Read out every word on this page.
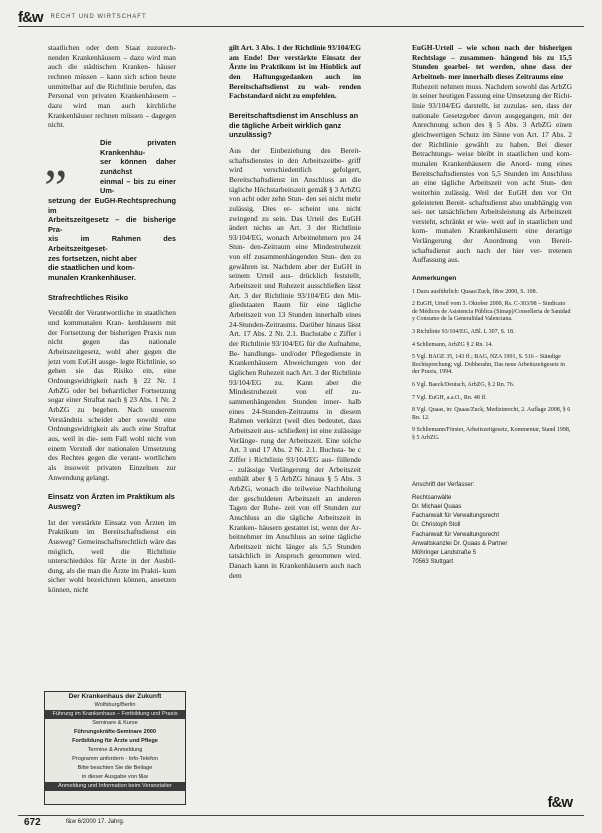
f&w RECHT UND WIRTSCHAFT

staatlichen oder dem Staat zuzurech- nenden Krankenhäusern – dazu wird man auch die städtischen Kranken- häuser rechnen müssen – kann sich schon heute unmittelbar auf die Richtlinie berufen, das Personal von privaten Krankenhäusern – dazu wird man auch kirchliche Krankenhäuser rechnen müssen – dagegen nicht.

„	Die privaten Krankenhäu-
ser können daher zunächst
einmal – bis zu einer Um-
setzung der EuGH-Rechtsprechung im
Arbeitszeitgesetz – die bisherige Pra-
xis im Rahmen des Arbeitszeitgeset-
zes fortsetzen, nicht aber
die staatlichen und kom-
munalen Krankenhäuser.
Strafrechtliches Risiko

Verstößt der Verantwortliche in staatlichen und kommunalen Kran- kenhäusern mit der Fortsetzung der bisherigen Praxis nun nicht gegen	das nationale Arbeitszeitgesetz, wohl aber gegen die jetzt vom EuGH ausge- legte Richtlinie, so gehen sie das Risiko ein, eine Ordnungswidrigkeit nach § 22 Nr. 1 ArbZG oder bei beharrlicher Fortsetzung sogar einer Straftat nach § 23 Abs. 1 Nr. 2 ArbZG zu begehen. Nach unserem Verständnis scheidet aber sowohl eine Ordnungswidrigkeit als auch eine Straftat aus, weil in die- sem Fall wohl nicht von einem Verstoß der nationalen Umsetzung des Rechtes gegen die verant- wortlichen als insoweit privaten Einzelnen zur Anwendung gelangt.

Einsatz von Ärzten im Praktikum als Ausweg?

Ist der verstärkte Einsatz von Ärzten im Praktikum im Bereitschaftsdienst ein Ausweg? Gemeinschaftsrechtlich wäre das möglich, weil die Richtlinie unterschiedslos für Ärzte in der Ausbil- dung, als die man die Ärzte im Prakti- kum sicher wohl bezeichnen können, ansetzen können, nicht

Der Krankenhaus der Zukunft
Wolfsburg/Berlin
Führung im Krankenhaus – Fortbildung und Praxis
Seminare & Kurse
Führungskräfte-Seminare 2000
Fortbildung für Ärzte und Pflege
Termine & Anmeldung
Programm anfordern · Info-Telefon
Bitte beachten Sie die Beilage
in dieser Ausgabe von f&w
Anmeldung und Information beim Veranstalter

gilt Art. 3 Abs. 1 der Richtlinie 93/104/EG am Ende! Der verstärkte Einsatz der Ärzte im Praktikum ist im Hinblick auf den Haftungsgedanken auch im Bereitschaftsdienst zu wah- renden Fachstandard nicht zu empfehlen.

Bereitschaftsdienst im Anschluss an die tägliche Arbeit wirklich ganz unzulässig?

Aus der Einbeziehung des Bereit- schaftsdienstes in den Arbeitszeitbe- griff wird verschiedentlich gefolgert, Bereitschaftsdienst im Anschluss an die tägliche Höchstarbeitszeit gemäß § 3 ArbZG von acht oder zehn Stun- den sei nicht mehr zulässig. Dies er- scheint uns nicht zwingend zu sein. Das Urteil des EuGH ändert nichts an Art. 3 der Richtlinie 93/104/EG, wonach Arbeitnehmern pro 24 Stun- den-Zeitraum eine Mindestruhezeit von elf zusammenhängenden Stun- den zu gewähren ist. Nachdem aber der EuGH in seinem Urteil aus- drücklich feststellt, Arbeitszeit und Ruhezeit ausschließen lässt Art. 3 der Richtlinie 93/104/EG den Mit- gliedstaaten Raum für eine tägliche Arbeitszeit von 13 Stunden innerhalb eines 24-Stunden-Zeitraums. Darüber hinaus lässt Art. 17 Abs. 2 Nr. 2.1. Buchstabe c Ziffer i der Richtlinie 93/104/EG für die Aufnahme, Be- handlungs- und/oder Pflegedienste in Krankenhäusern Abweichungen von der täglichen Ruhezeit nach Art. 3 der Richtlinie 93/104/EG zu. Kann aber die Mindestruhezeit von elf zu- sammenhängenden Stunden inner- halb eines 24-Stunden-Zeitraums in diesem Rahmen verkürzt (weil dies bedeutet, dass Arbeitszeit aus- schließen) ist eine zulässige Verlänge- rung der Arbeitszeit. Eine solche Art. 3 und 17 Abs. 2 Nr. 2.1. Buchsta- be c Ziffer i Richtlinie 93/104/EG aus- füllende – zulässige Verlängerung der Arbeitszeit enthält aber § 5 ArbZG hinaus § 5 Abs. 3 ArbZG, wonach die teilweise Nachholung der geschuldeten Arbeitszeit an anderen Tagen der Ruhe- zeit von elf Stunden zur Anschluss an die tägliche Arbeitszeit in Kranken- häusern gestattet ist, wenn der Ar- beitnehmer im Anschluss an seine tägliche Arbeitszeit nicht länger als 5,5 Stunden tatsächlich in Anspruch genommen wird. Danach kann in Krankenhäusern auch nach dem

EuGH-Urteil – wie schon nach der bisherigen Rechtslage – zusammen- hängend bis zu 15,5 Stunden gearbei- tet werden, ohne dass der Arbeitneh- mer innerhalb dieses Zeitraums eine

Ruhezeit nehmen muss. Nachdem sowohl das ArbZG in seiner heutigen Fassung eine Umsetzung der Richt- linie 93/104/EG darstellt, ist zuzulas- sen, dass der nationale Gesetzgeber davon ausgegangen, mit der Anrechnung schon des § 5 Abs. 3 ArbZG einen gleichwertigen Schutz im Sinne von Art. 17 Abs. 2 der Richtlinie gewählt zu haben. Bei dieser Betrachtungs- weise bleibt in staatlichen und kom- munalen Krankenhäusern die Anord- nung eines Bereitschaftsdienstes von 5,5 Stunden im Anschluss an eine tägliche Arbeitszeit von acht Stun- den weiterhin zulässig. Weil der EuGH den vor Ort geleisteten Bereit- schaftsdienst also unabhängig von sei- ner tatsächlichen Arbeitsleistung als Arbeitszeit versteht, schränkt er wie- weit auf in staatlichen und kom- munalen Krankenhäusern eine derartige Verlängerung der Anordnung von Bereit- schaftsdienst auch nach der hier ver- tretenen Auffassung aus.

Anmerkungen

1 Dazu ausführlich: Quaas/Zuck, f&w 2000, S. 108.

2 EuGH, Urteil vom 3. Oktober 2000, Rs. C-303/98 – Sindicato de Médicos de Asistencia Pública (Simap)/Conselleria de Sanidad y Consumo de la Generalidad Valenciana.

3 Richtlinie 93/104/EG, ABl. L 307, S. 18.

4 Schliemann, ArbZG § 2 Rn. 14.

5 Vgl. BAGE 35, 143 ff.; BAG, NZA 1991, S. 516 – Ständige Rechtsprechung; vgl. Dobberahn, Das neue Arbeitszeitgesetz in der Praxis, 1994.

6 Vgl. Baeck/Deutsch, ArbZG, § 2 Rn. 76.

7 Vgl. EuGH, a.a.O., Rn. 48 ff.

8 Vgl. Quaas, in: Quaas/Zuck, Medizinrecht, 2. Auflage 2008, § 6 Rn. 12.

9 Schliemann/Förster, Arbeitszeitgesetz, Kommentar, Stand 1998, § 5 ArbZG.

Anschrift der Verfasser:
Rechtsanwälte
Dr. Michael Quaas
Fachanwalt für Verwaltungsrecht
Dr. Christoph Stoll
Fachanwalt für Verwaltungsrecht
Anwaltskanzlei Dr. Quaas & Partner
Möhringer Landstraße 5
70563 Stuttgart
672	f&w 6/2000 17. Jahrg.
f&w
